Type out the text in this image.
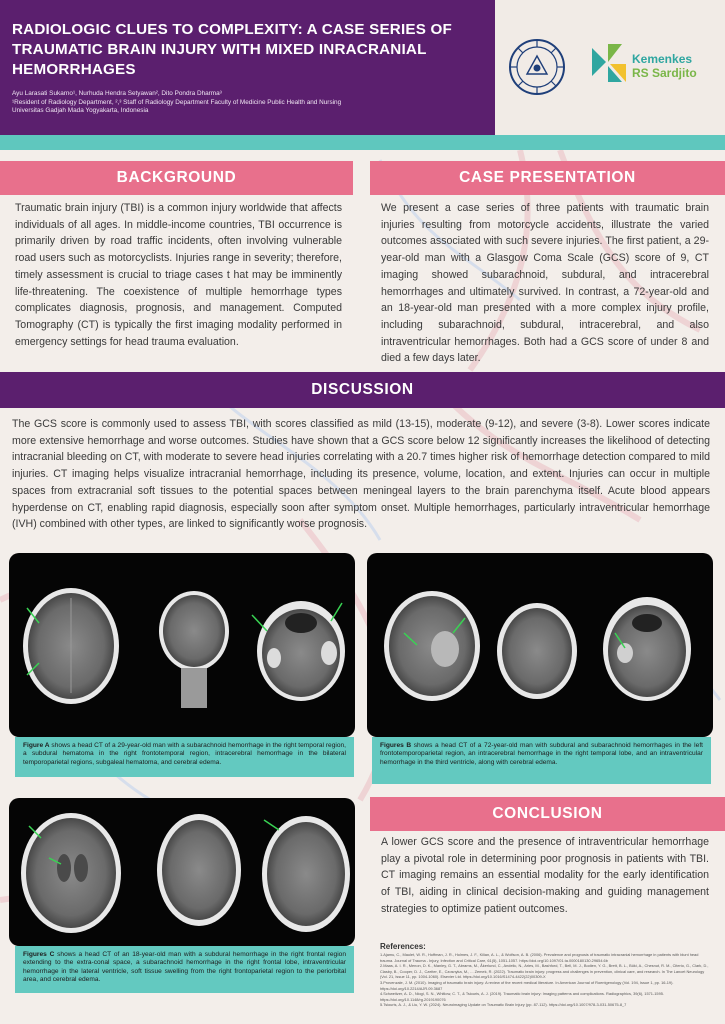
RADIOLOGIC CLUES TO COMPLEXITY: A CASE SERIES OF TRAUMATIC BRAIN INJURY WITH MIXED INRACRANIAL HEMORRHAGES
Ayu Larasati Sukarno¹, Nurhuda Hendra Setyawan², Dito Pondra Dharma³
¹Resident of Radiology Department, ²,³ Staff of Radiology Department Faculty of Medicine Public Health and Nursing
Universitas Gadjah Mada Yogyakarta, Indonesia
Kemenkes
RS Sardjito
BACKGROUND
Traumatic brain injury (TBI) is a common injury worldwide that affects individuals of all ages. In middle-income countries, TBI occurrence is primarily driven by road traffic incidents, often involving vulnerable road users such as motorcyclists. Injuries range in severity; therefore, timely assessment is crucial to triage cases t hat may be imminently life-threatening. The coexistence of multiple hemorrhage types complicates diagnosis, prognosis, and management. Computed Tomography (CT) is typically the first imaging modality performed in emergency settings for head trauma evaluation.
CASE PRESENTATION
We present a case series of three patients with traumatic brain injuries resulting from motorcycle accidents, illustrate the varied outcomes associated with such severe injuries. The first patient, a 29-year-old man with a Glasgow Coma Scale (GCS) score of 9, CT imaging showed subarachnoid, subdural, and intracerebral hemorrhages and ultimately survived. In contrast, a 72-year-old and an 18-year-old man presented with a more complex injury profile, including subarachnoid, subdural, intracerebral, and also intraventricular hemorrhages. Both had a GCS score of under 8 and died a few days later.
DISCUSSION
The GCS score is commonly used to assess TBI, with scores classified as mild (13-15), moderate (9-12), and severe (3-8). Lower scores indicate more extensive hemorrhage and worse outcomes. Studies have shown that a GCS score below 12 significantly increases the likelihood of detecting intracranial bleeding on CT, with moderate to severe head injuries correlating with a 20.7 times higher risk of hemorrhage detection compared to mild injuries. CT imaging helps visualize intracranial hemorrhage, including its presence, volume, location, and extent. Injuries can occur in multiple spaces from extracranial soft tissues to the potential spaces between meningeal layers to the brain parenchyma itself. Acute blood appears hyperdense on CT, enabling rapid diagnosis, especially soon after symptom onset. Multiple hemorrhages, particularly intraventricular hemorrhage (IVH) combined with other types, are linked to significantly worse prognosis.
Figure A shows a head CT of a 29-year-old man with a subarachnoid hemorrhage in the right temporal region, a subdural hematoma in the right frontotemporal region, intracerebral hemorrhage in the bilateral temporoparietal regions, subgaleal hematoma, and cerebral edema.
Figures B shows a head CT of a 72-year-old man with subdural and subarachnoid hemorrhages in the left frontotemporoparietal region, an intracerebral hemorrhage in the right temporal lobe, and an intraventricular hemorrhage in the third ventricle, along with cerebral edema.
Figures C shows a head CT of an 18-year-old man with a subdural hemorrhage in the right frontal region extending to the extra-conal space, a subarachnoid hemorrhage in the right frontal lobe, intraventricular hemorrhage in the lateral ventricle, soft tissue swelling from the right frontoparietal region to the periorbital area, and cerebral edema.
CONCLUSION
A lower GCS score and the presence of intraventricular hemorrhage play a pivotal role in determining poor prognosis in patients with TBI. CT imaging remains an essential modality for the early identification of TBI, aiding in clinical decision-making and guiding management strategies to optimize patient outcomes.
References:
1.Ajamu, C., Maulet, W. R., Hoffman, J. R., Holmes, J. F., Kilian, A. L., & Wolfson, A. B. (2006). Prevalence and prognosis of traumatic intracranial hemorrhage in patients with blunt head trauma. Journal of Trauma - Injury, Infection and Critical Care, 61(5), 1051-1057. https://doi.org/10.1097/01.ta.0000180130.29654.6b
2.Maas, A. I. R., Menon, D. K., Manley, G. T., Abrams, M., Åkerlund, C., Andelic, N., Aries, M., Bashford, T., Bell, M. J., Bodien, Y. G., Brett, B. L., Büki, A., Chesnut, R. M., Citerio, G., Clark, D., Clasby, B., Cooper, D. J., Czeiter, E., Czosnyka, M., ... Zemek, R. (2022). Traumatic brain injury: progress and challenges in prevention, clinical care, and research. In The Lancet Neurology (Vol. 21, Issue 11, pp. 1004-1060). Elsevier Ltd. https://doi.org/10.1016/S1474-4422(22)00309-X
3.Provenzale, J. M. (2010). Imaging of traumatic brain injury: A review of the recent medical literature. In American Journal of Roentgenology (Vol. 194, Issue 1, pp. 16-19). https://doi.org/10.2214/AJR.09.3687
4.Schweitzer, A. D., Niogi, S. N., Whitlow, C. T., & Tsiouris, A. J. (2019). Traumatic brain injury: Imaging patterns and complications. Radiographics, 39(6), 1571-1595. https://doi.org/10.1148/rg.2019190076
5.Tsiouris, A. J., & Liu, Y. W. (2024). Neuroimaging Update on Traumatic Brain Injury (pp. 87-112). https://doi.org/10.1007/978-3-031-50675-8_7
